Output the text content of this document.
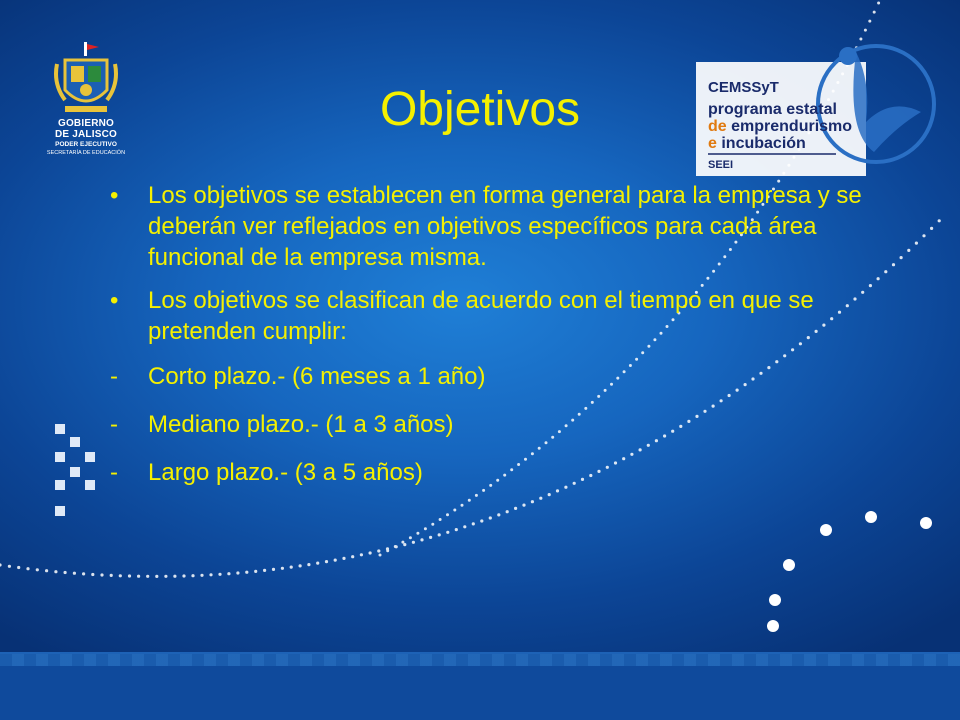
GOBIERNO
DE JALISCO
PODER EJECUTIVO
SECRETARÍA DE EDUCACIÓN
CEMSSyT
programa estatal
de emprendurismo
e incubación
SEEI
Objetivos
• Los objetivos se establecen en forma general para la empresa y se deberán ver reflejados en objetivos específicos para cada área funcional de la empresa misma.
• Los objetivos se clasifican de acuerdo con el tiempo en que se pretenden cumplir:
- Corto plazo.- (6 meses a 1 año)
- Mediano plazo.- (1 a 3 años)
- Largo plazo.- (3 a 5 años)
